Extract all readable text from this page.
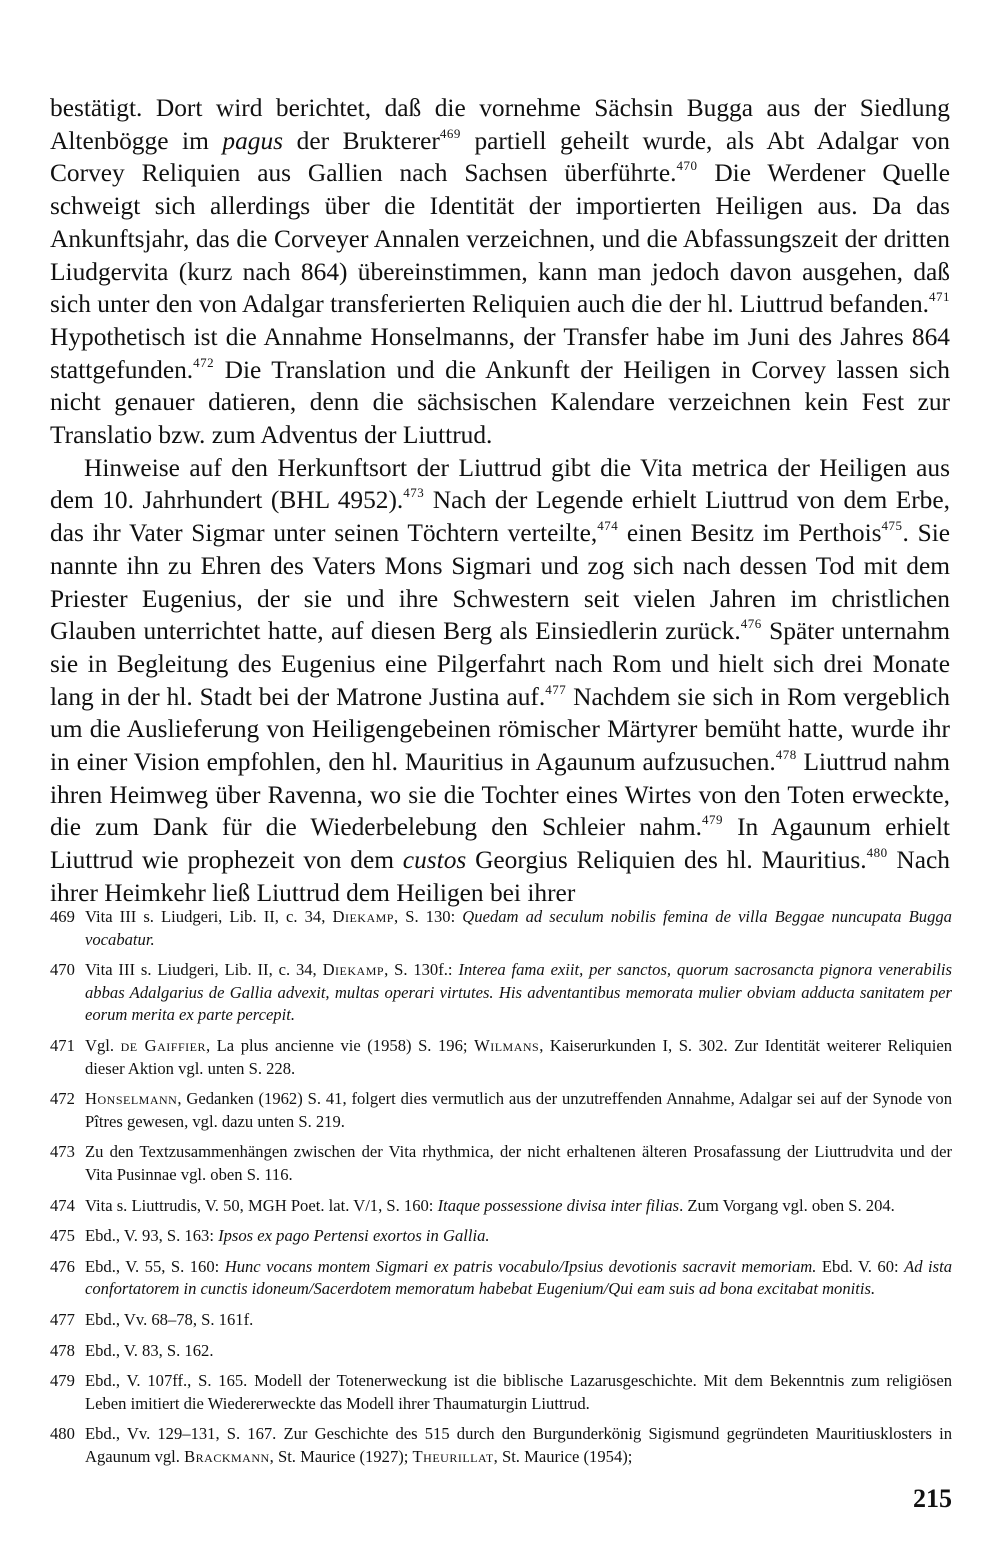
bestätigt. Dort wird berichtet, daß die vornehme Sächsin Bugga aus der Siedlung Altenbögge im pagus der Brukterer$^{469}$ partiell geheilt wurde, als Abt Adalgar von Corvey Reliquien aus Gallien nach Sachsen überführte.$^{470}$ Die Werdener Quelle schweigt sich allerdings über die Identität der importierten Heiligen aus. Da das Ankunftsjahr, das die Corveyer Annalen verzeichnen, und die Abfassungszeit der dritten Liudgervita (kurz nach 864) übereinstimmen, kann man jedoch davon ausgehen, daß sich unter den von Adalgar transferierten Reliquien auch die der hl. Liuttrud befanden.$^{471}$ Hypothetisch ist die Annahme Honselmanns, der Transfer habe im Juni des Jahres 864 stattgefunden.$^{472}$ Die Translation und die Ankunft der Heiligen in Corvey lassen sich nicht genauer datieren, denn die sächsischen Kalendare verzeichnen kein Fest zur Translatio bzw. zum Adventus der Liuttrud.

Hinweise auf den Herkunftsort der Liuttrud gibt die Vita metrica der Heiligen aus dem 10. Jahrhundert (BHL 4952).$^{473}$ Nach der Legende erhielt Liuttrud von dem Erbe, das ihr Vater Sigmar unter seinen Töchtern verteilte,$^{474}$ einen Besitz im Perthois$^{475}$. Sie nannte ihn zu Ehren des Vaters Mons Sigmari und zog sich nach dessen Tod mit dem Priester Eugenius, der sie und ihre Schwestern seit vielen Jahren im christlichen Glauben unterrichtet hatte, auf diesen Berg als Einsiedlerin zurück.$^{476}$ Später unternahm sie in Begleitung des Eugenius eine Pilgerfahrt nach Rom und hielt sich drei Monate lang in der hl. Stadt bei der Matrone Justina auf.$^{477}$ Nachdem sie sich in Rom vergeblich um die Auslieferung von Heiligengebeinen römischer Märtyrer bemüht hatte, wurde ihr in einer Vision empfohlen, den hl. Mauritius in Agaunum aufzusuchen.$^{478}$ Liuttrud nahm ihren Heimweg über Ravenna, wo sie die Tochter eines Wirtes von den Toten erweckte, die zum Dank für die Wiederbelebung den Schleier nahm.$^{479}$ In Agaunum erhielt Liuttrud wie prophezeit von dem custos Georgius Reliquien des hl. Mauritius.$^{480}$ Nach ihrer Heimkehr ließ Liuttrud dem Heiligen bei ihrer

469 Vita III s. Liudgeri, Lib. II, c. 34, Diekamp, S. 130: Quedam ad seculum nobilis femina de villa Beggae nuncupata Bugga vocabatur.
470 Vita III s. Liudgeri, Lib. II, c. 34, Diekamp, S. 130f.: Interea fama exiit, per sanctos, quorum sacrosancta pignora venerabilis abbas Adalgarius de Gallia advexit, multas operari virtutes. His adventantibus memorata mulier obviam adducta sanitatem per eorum merita ex parte percepit.
471 Vgl. de Gaiffier, La plus ancienne vie (1958) S. 196; Wilmans, Kaiserurkunden I, S. 302. Zur Identität weiterer Reliquien dieser Aktion vgl. unten S. 228.
472 Honselmann, Gedanken (1962) S. 41, folgert dies vermutlich aus der unzutreffenden Annahme, Adalgar sei auf der Synode von Pîtres gewesen, vgl. dazu unten S. 219.
473 Zu den Textzusammenhängen zwischen der Vita rhythmica, der nicht erhaltenen älteren Prosafassung der Liuttrudvita und der Vita Pusinnae vgl. oben S. 116.
474 Vita s. Liuttrudis, V. 50, MGH Poet. lat. V/1, S. 160: Itaque possessione divisa inter filias. Zum Vorgang vgl. oben S. 204.
475 Ebd., V. 93, S. 163: Ipsos ex pago Pertensi exortos in Gallia.
476 Ebd., V. 55, S. 160: Hunc vocans montem Sigmari ex patris vocabulo/Ipsius devotionis sacravit memoriam. Ebd. V. 60: Ad ista confortatorem in cunctis idoneum/Sacerdotem memoratum habebat Eugenium/Qui eam suis ad bona excitabat monitis.
477 Ebd., Vv. 68–78, S. 161f.
478 Ebd., V. 83, S. 162.
479 Ebd., V. 107ff., S. 165. Modell der Totenerweckung ist die biblische Lazarusgeschichte. Mit dem Bekenntnis zum religiösen Leben imitiert die Wiedererweckte das Modell ihrer Thaumaturgin Liuttrud.
480 Ebd., Vv. 129–131, S. 167. Zur Geschichte des 515 durch den Burgunderkönig Sigismund gegründeten Mauritiusklosters in Agaunum vgl. Brackmann, St. Maurice (1927); Theurillat, St. Maurice (1954);
215
